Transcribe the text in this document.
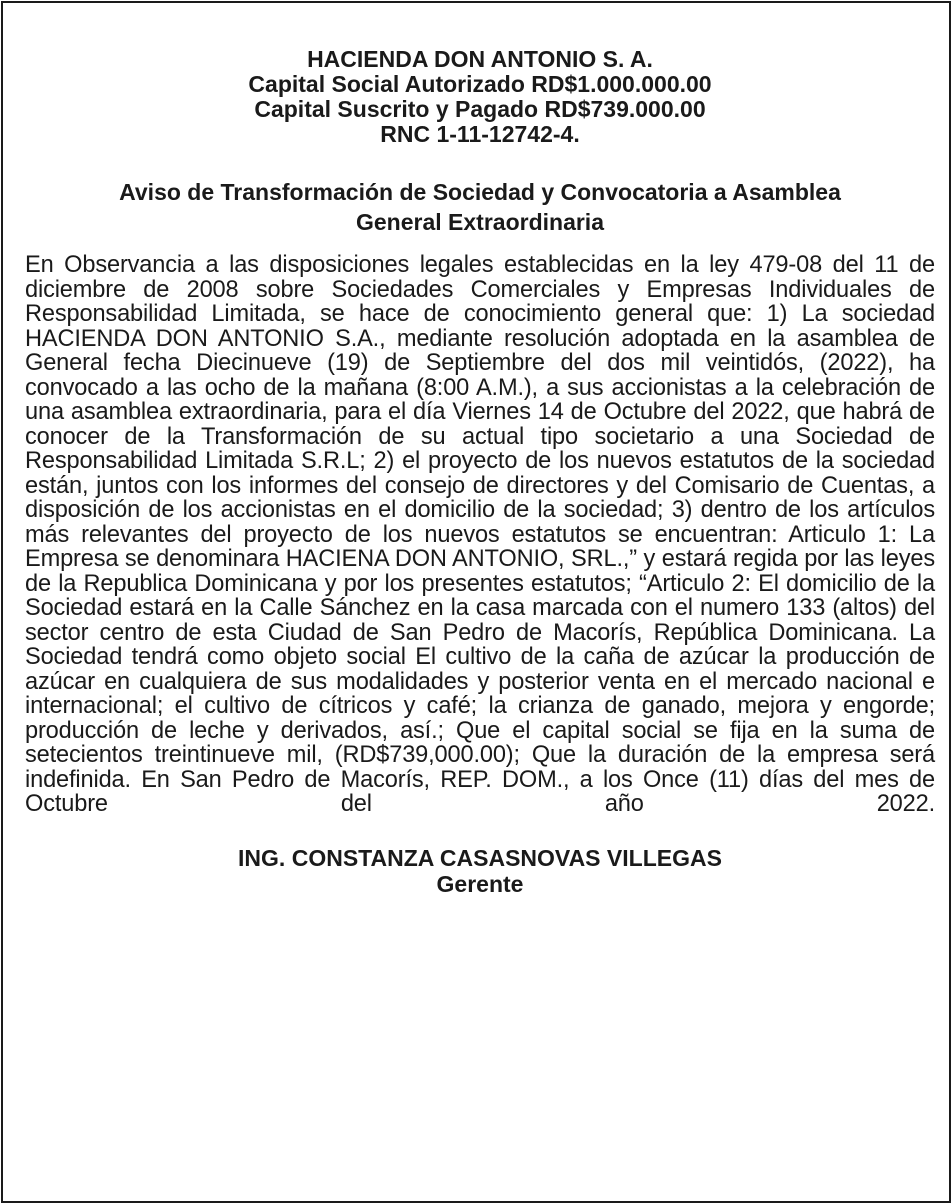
HACIENDA DON ANTONIO S. A.
Capital Social Autorizado RD$1.000.000.00
Capital Suscrito y Pagado RD$739.000.00
RNC 1-11-12742-4.
Aviso de Transformación de Sociedad y Convocatoria a Asamblea
General Extraordinaria
En Observancia a las disposiciones legales establecidas en la ley 479-08 del 11 de diciembre de 2008 sobre Sociedades Comerciales y Empresas Individuales de Responsabilidad Limitada, se hace de conocimiento general que: 1) La sociedad HACIENDA DON ANTONIO S.A., mediante resolución adoptada en la asamblea de General fecha Diecinueve (19) de Septiembre del dos mil veintidós, (2022), ha convocado a las ocho de la mañana (8:00 A.M.), a sus accionistas a la celebración de una asamblea extraordinaria, para el día Viernes 14 de Octubre del 2022, que habrá de conocer de la Transformación de su actual tipo societario a una Sociedad de Responsabilidad Limitada S.R.L; 2) el proyecto de los nuevos estatutos de la sociedad están, juntos con los informes del consejo de directores y del Comisario de Cuentas, a disposición de los accionistas en el domicilio de la sociedad; 3) dentro de los artículos más relevantes del proyecto de los nuevos estatutos se encuentran: Articulo 1: La Empresa se denominara HACIENA DON ANTONIO, SRL.,” y estará regida por las leyes de la Republica Dominicana y por los presentes estatutos; “Articulo 2: El domicilio de la Sociedad estará en la Calle Sánchez en la casa marcada con el numero 133 (altos) del sector centro de esta Ciudad de San Pedro de Macorís, República Dominicana. La Sociedad tendrá como objeto social El cultivo de la caña de azúcar la producción de azúcar en cualquiera de sus modalidades y posterior venta en el mercado nacional e internacional; el cultivo de cítricos y café; la crianza de ganado, mejora y engorde; producción de leche y derivados, así.; Que el capital social se fija en la suma de setecientos treintinueve mil, (RD$739,000.00); Que la duración de la empresa será indefinida. En San Pedro de Macorís, REP. DOM., a los Once (11) días del mes de Octubre del año 2022.
ING. CONSTANZA CASASNOVAS VILLEGAS
Gerente
